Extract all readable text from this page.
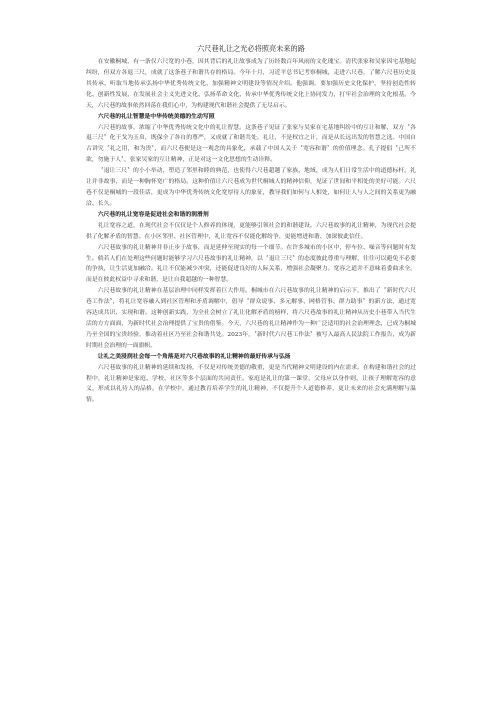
六尺巷礼让之光必将照亮未来的路

在安徽桐城，有一条仅六尺宽的小巷，因其背后的礼让故事成为了历经数百年风雨的文化瑰宝。清代张家和吴家因宅基地起纠纷，但双方各退三尺，成就了这条巷子和谐共存的格局。今年十月，习近平总书记考察桐城，走进六尺巷，了解六尺巷历史及其传承，听取当地传承弘扬中华优秀传统文化、加强精神文明建设等情况介绍。他强调，要加强历史文化保护，坚持创造性转化、创新性发展，在发展社会主义先进文化、弘扬革命文化、传承中华优秀传统文化上协同发力，打牢社会治理的文化根基。今天，六尺巷的故事依然回荡在我们心中，为构建现代和谐社会提供了无尽启示。

六尺巷的礼让智慧是中华传统美德的生动写照

六尺巷的故事，浓缩了中华优秀传统文化中的礼让智慧。这条巷子见证了张家与吴家在宅基地纠纷中的互让和解，双方〝各退三尺〞化干戈为玉帛，既保全了各自的尊严，又成就了和谐共处。礼让，不是权宜之计，而是从长远出发的智慧之选。中国自古讲究〝礼之用，和为贵〞，而六尺巷便是这一观念的具象化，承载了中国人关于〝宽容和谐〞的价值理念。孔子提倡〝己所不欲，勿施于人〞，张家吴家的互让精神，正是对这一文化思想的生动诠释。

〝退让三尺〞的小小举动，塑造了邻里和睦的典范，也使得六尺巷超越了家族、地域，成为人们日常生活中的道德标杆。礼让并非故事，而是一种胸怀宽广的格局。这种价值让六尺巷成为世代桐城人的精神信仰，见证了世间和平相处的美好可能。六尺巷不仅是桐城的一段佳话，更成为中华优秀传统文化宽厚待人的象征，教导我们如何与人相处，如何让人与人之间的关系更为融洽、长久。

六尺巷的礼让宽容是促进社会和谐的润滑剂

礼让宽容之道，在现代社会不仅仅是个人修养的体现，更能够引领社会的和谐建设。六尺巷故事的礼让精神，为现代社会提供了化解矛盾的智慧。在小区邻里、社区管理中，礼让宽容不仅能化解纷争，更能增进和谐、加深彼此信任。

六尺巷故事的礼让精神并非止步于故事，而是延伸至现实的每一个细节。在许多城市的小区中，停车位、噪音等问题时有发生。倘若人们在处理这些问题时能够学习六尺巷故事的礼让精神，以〝退让三尺〞的态度彼此尊重与理解，往往可以避免不必要的争执，让生活更加融洽。礼让不仅能减少冲突，还能促进良好的人际关系，增强社会凝聚力。宽容之道并不意味着委曲求全，而是在彼此权益中寻求和谐，是让自我超越的一种智慧。

六尺巷故事的礼让精神在基层治理中同样发挥着巨大作用。桐城市在六尺巷故事的礼让精神的启示下，推出了〝新时代六尺巷工作法〞，将礼让宽容融入到社区管理和矛盾调解中，倡导〝群众说事、多元解事、网格管事、群力助事〞的新方法，通过宽容达成共识、实现和谐。这种创新实践，为全社会树立了礼让化解矛盾的榜样，将六尺巷故事的礼让精神从历史小巷带入当代生活的方方面面，为新时代社会治理提供了宝贵的借鉴。今天，六尺巷的礼让精神作为一种广泛适用的社会治理理念，已成为桐城乃至全国的宝贵经验，推动着社区乃至社会和谐共处。2023年，〝新时代六尺巷工作法〞被写入最高人民法院工作报告，成为新时期社会治理的一面旗帜。

让礼之美浸润社会每一个角落是对六尺巷故事的礼让精神的最好传承与弘扬

六尺巷故事的礼让精神的延续和发扬，不仅是对传统美德的敬重，更是当代精神文明建设的内在需求。在构建和谐社会的过程中，礼让精神是家庭、学校、社区等多个层面的共同责任。家庭是礼让的第一课堂，父母应以身作则，让孩子理解宽容的意义，形成以礼待人的品格。在学校中，通过教育培养学生的礼让精神，不仅提升个人道德修养，更让未来的社会充满理解与温情。
